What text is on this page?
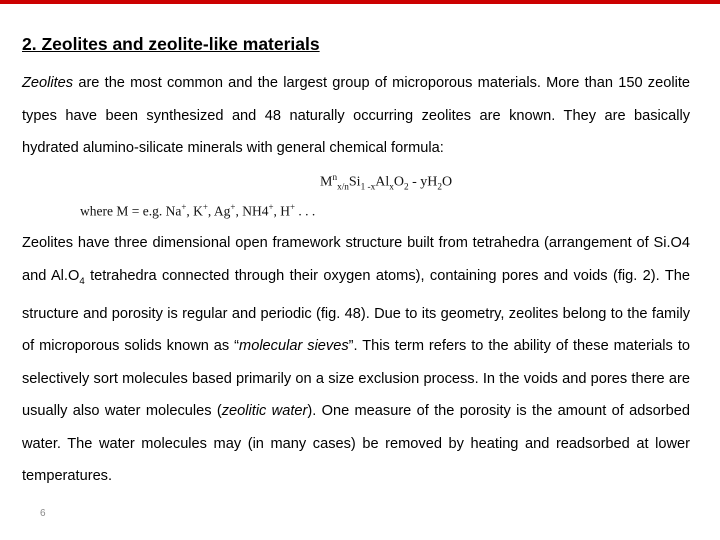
2. Zeolites and zeolite-like materials

Zeolites are the most common and the largest group of microporous materials. More than 150 zeolite types have been synthesized and 48 naturally occurring zeolites are known. They are basically hydrated alumino-silicate minerals with general chemical formula:

$M^n_{x/n}Si_{1 -x}Al_xO_2 - yH_2O$
where M = e.g. Na+, K+, Ag+, NH4+, H+ . . .

Zeolites have three dimensional open framework structure built from tetrahedra (arrangement of Si.O4 and $Al.O_4$ tetrahedra connected through their oxygen atoms), containing pores and voids (fig. 2). The structure and porosity is regular and periodic (fig. 48). Due to its geometry, zeolites belong to the family of microporous solids known as “molecular sieves”. This term refers to the ability of these materials to selectively sort molecules based primarily on a size exclusion process. In the voids and pores there are usually also water molecules (zeolitic water). One measure of the porosity is the amount of adsorbed water. The water molecules may (in many cases) be removed by heating and readsorbed at lower temperatures.

6
